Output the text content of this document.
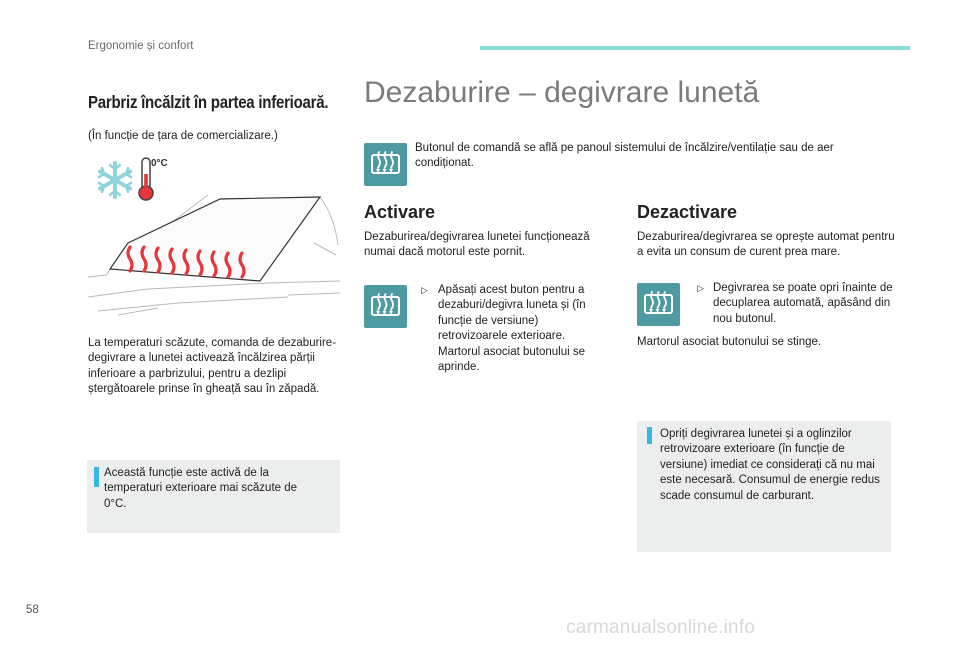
Ergonomie și confort
Parbriz încălzit în partea inferioară.
(În funcție de țara de comercializare.)
0°C
La temperaturi scăzute, comanda de dezaburire-degivrare a lunetei activează încălzirea părții inferioare a parbrizului, pentru a dezlipi ștergătoarele prinse în gheață sau în zăpadă.
Această funcție este activă de la temperaturi exterioare mai scăzute de 0°C.
Dezaburire – degivrare lunetă
Butonul de comandă se află pe panoul sistemului de încălzire/ventilație sau de aer condiționat.
Activare
Dezaburirea/degivrarea lunetei funcționează numai dacă motorul este pornit.
▷ Apăsați acest buton pentru a dezaburi/degivra luneta și (în funcție de versiune) retrovizoarele exterioare. Martorul asociat butonului se aprinde.
Dezactivare
Dezaburirea/degivrarea se oprește automat pentru a evita un consum de curent prea mare.
▷ Degivrarea se poate opri înainte de decuplarea automată, apăsând din nou butonul.
Martorul asociat butonului se stinge.
Opriți degivrarea lunetei și a oglinzilor retrovizoare exterioare (în funcție de versiune) imediat ce considerați că nu mai este necesară. Consumul de energie redus scade consumul de carburant.
58
carmanualsonline.info
